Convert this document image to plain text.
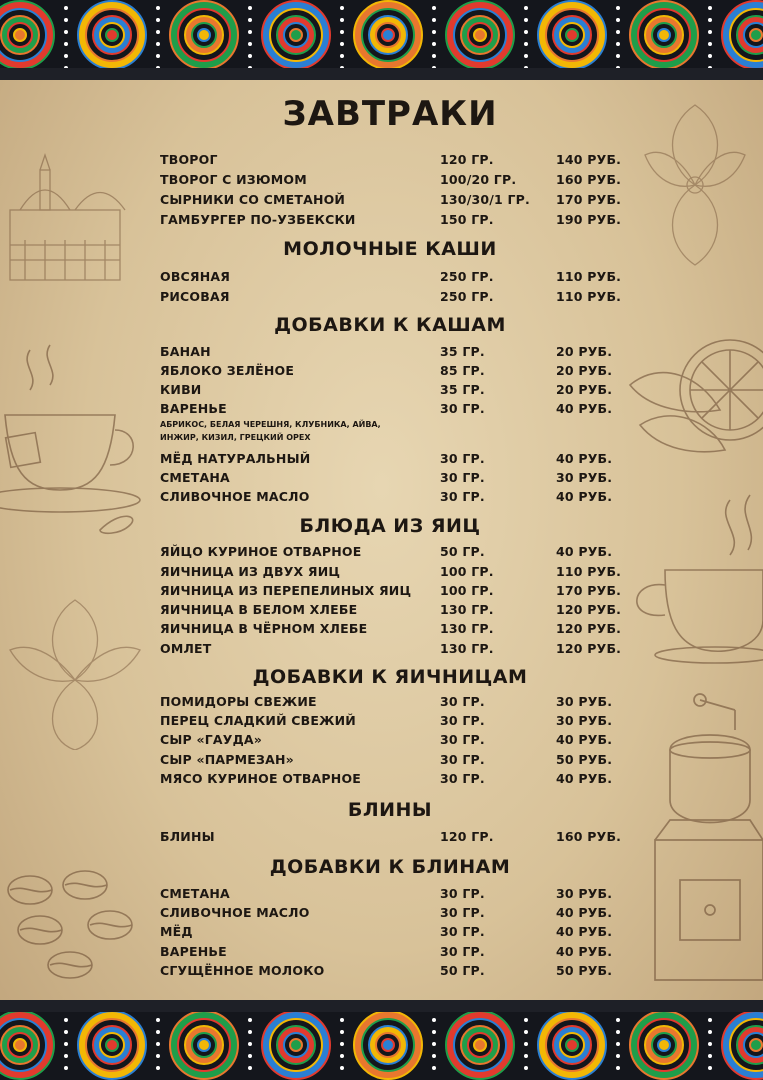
ЗАВТРАКИ
ТВОРОГ	120 ГР.	140 РУБ.
ТВОРОГ С ИЗЮМОМ	100/20 ГР.	160 РУБ.
СЫРНИКИ СО СМЕТАНОЙ	130/30/1 ГР. 170 РУБ.
ГАМБУРГЕР ПО-УЗБЕКСКИ	150 ГР.	190 РУБ.
МОЛОЧНЫЕ КАШИ
ОВСЯНАЯ	250 ГР.	110 РУБ.
РИСОВАЯ	250 ГР.	110 РУБ.
ДОБАВКИ К КАШАМ
БАНАН	35 ГР.	20 РУБ.
ЯБЛОКО ЗЕЛЁНОЕ	85 ГР.	20 РУБ.
КИВИ	35 ГР.	20 РУБ.
ВАРЕНЬЕ	30 ГР.	40 РУБ.
МЁД НАТУРАЛЬНЫЙ	30 ГР.	40 РУБ.
СМЕТАНА	30 ГР.	30 РУБ.
СЛИВОЧНОЕ МАСЛО	30 ГР.	40 РУБ.
АБРИКОС, БЕЛАЯ ЧЕРЕШНЯ, КЛУБНИКА, АЙВА, ИНЖИР, КИЗИЛ, ГРЕЦКИЙ ОРЕХ
БЛЮДА ИЗ ЯИЦ
ЯЙЦО КУРИНОЕ ОТВАРНОЕ	50 ГР.	40 РУБ.
ЯИЧНИЦА ИЗ ДВУХ ЯИЦ	100 ГР.	110 РУБ.
ЯИЧНИЦА ИЗ ПЕРЕПЕЛИНЫХ ЯИЦ 100 ГР.	170 РУБ.
ЯИЧНИЦА В БЕЛОМ ХЛЕБЕ	130 ГР.	120 РУБ.
ЯИЧНИЦА В ЧЁРНОМ ХЛЕБЕ	130 ГР.	120 РУБ.
ОМЛЕТ	130 ГР.	120 РУБ.
ДОБАВКИ К ЯИЧНИЦАМ
ПОМИДОРЫ СВЕЖИЕ	30 ГР.	30 РУБ.
ПЕРЕЦ СЛАДКИЙ СВЕЖИЙ	30 ГР.	30 РУБ.
СЫР «ГАУДА»	30 ГР.	40 РУБ.
СЫР «ПАРМЕЗАН»	30 ГР.	50 РУБ.
МЯСО КУРИНОЕ ОТВАРНОЕ	30 ГР.	40 РУБ.
БЛИНЫ
БЛИНЫ	120 ГР.	160 РУБ.
ДОБАВКИ К БЛИНАМ
СМЕТАНА	30 ГР.	30 РУБ.
СЛИВОЧНОЕ МАСЛО	30 ГР.	40 РУБ.
МЁД	30 ГР.	40 РУБ.
ВАРЕНЬЕ	30 ГР.	40 РУБ.
СГУЩЁННОЕ МОЛОКО	50 ГР.	50 РУБ.
